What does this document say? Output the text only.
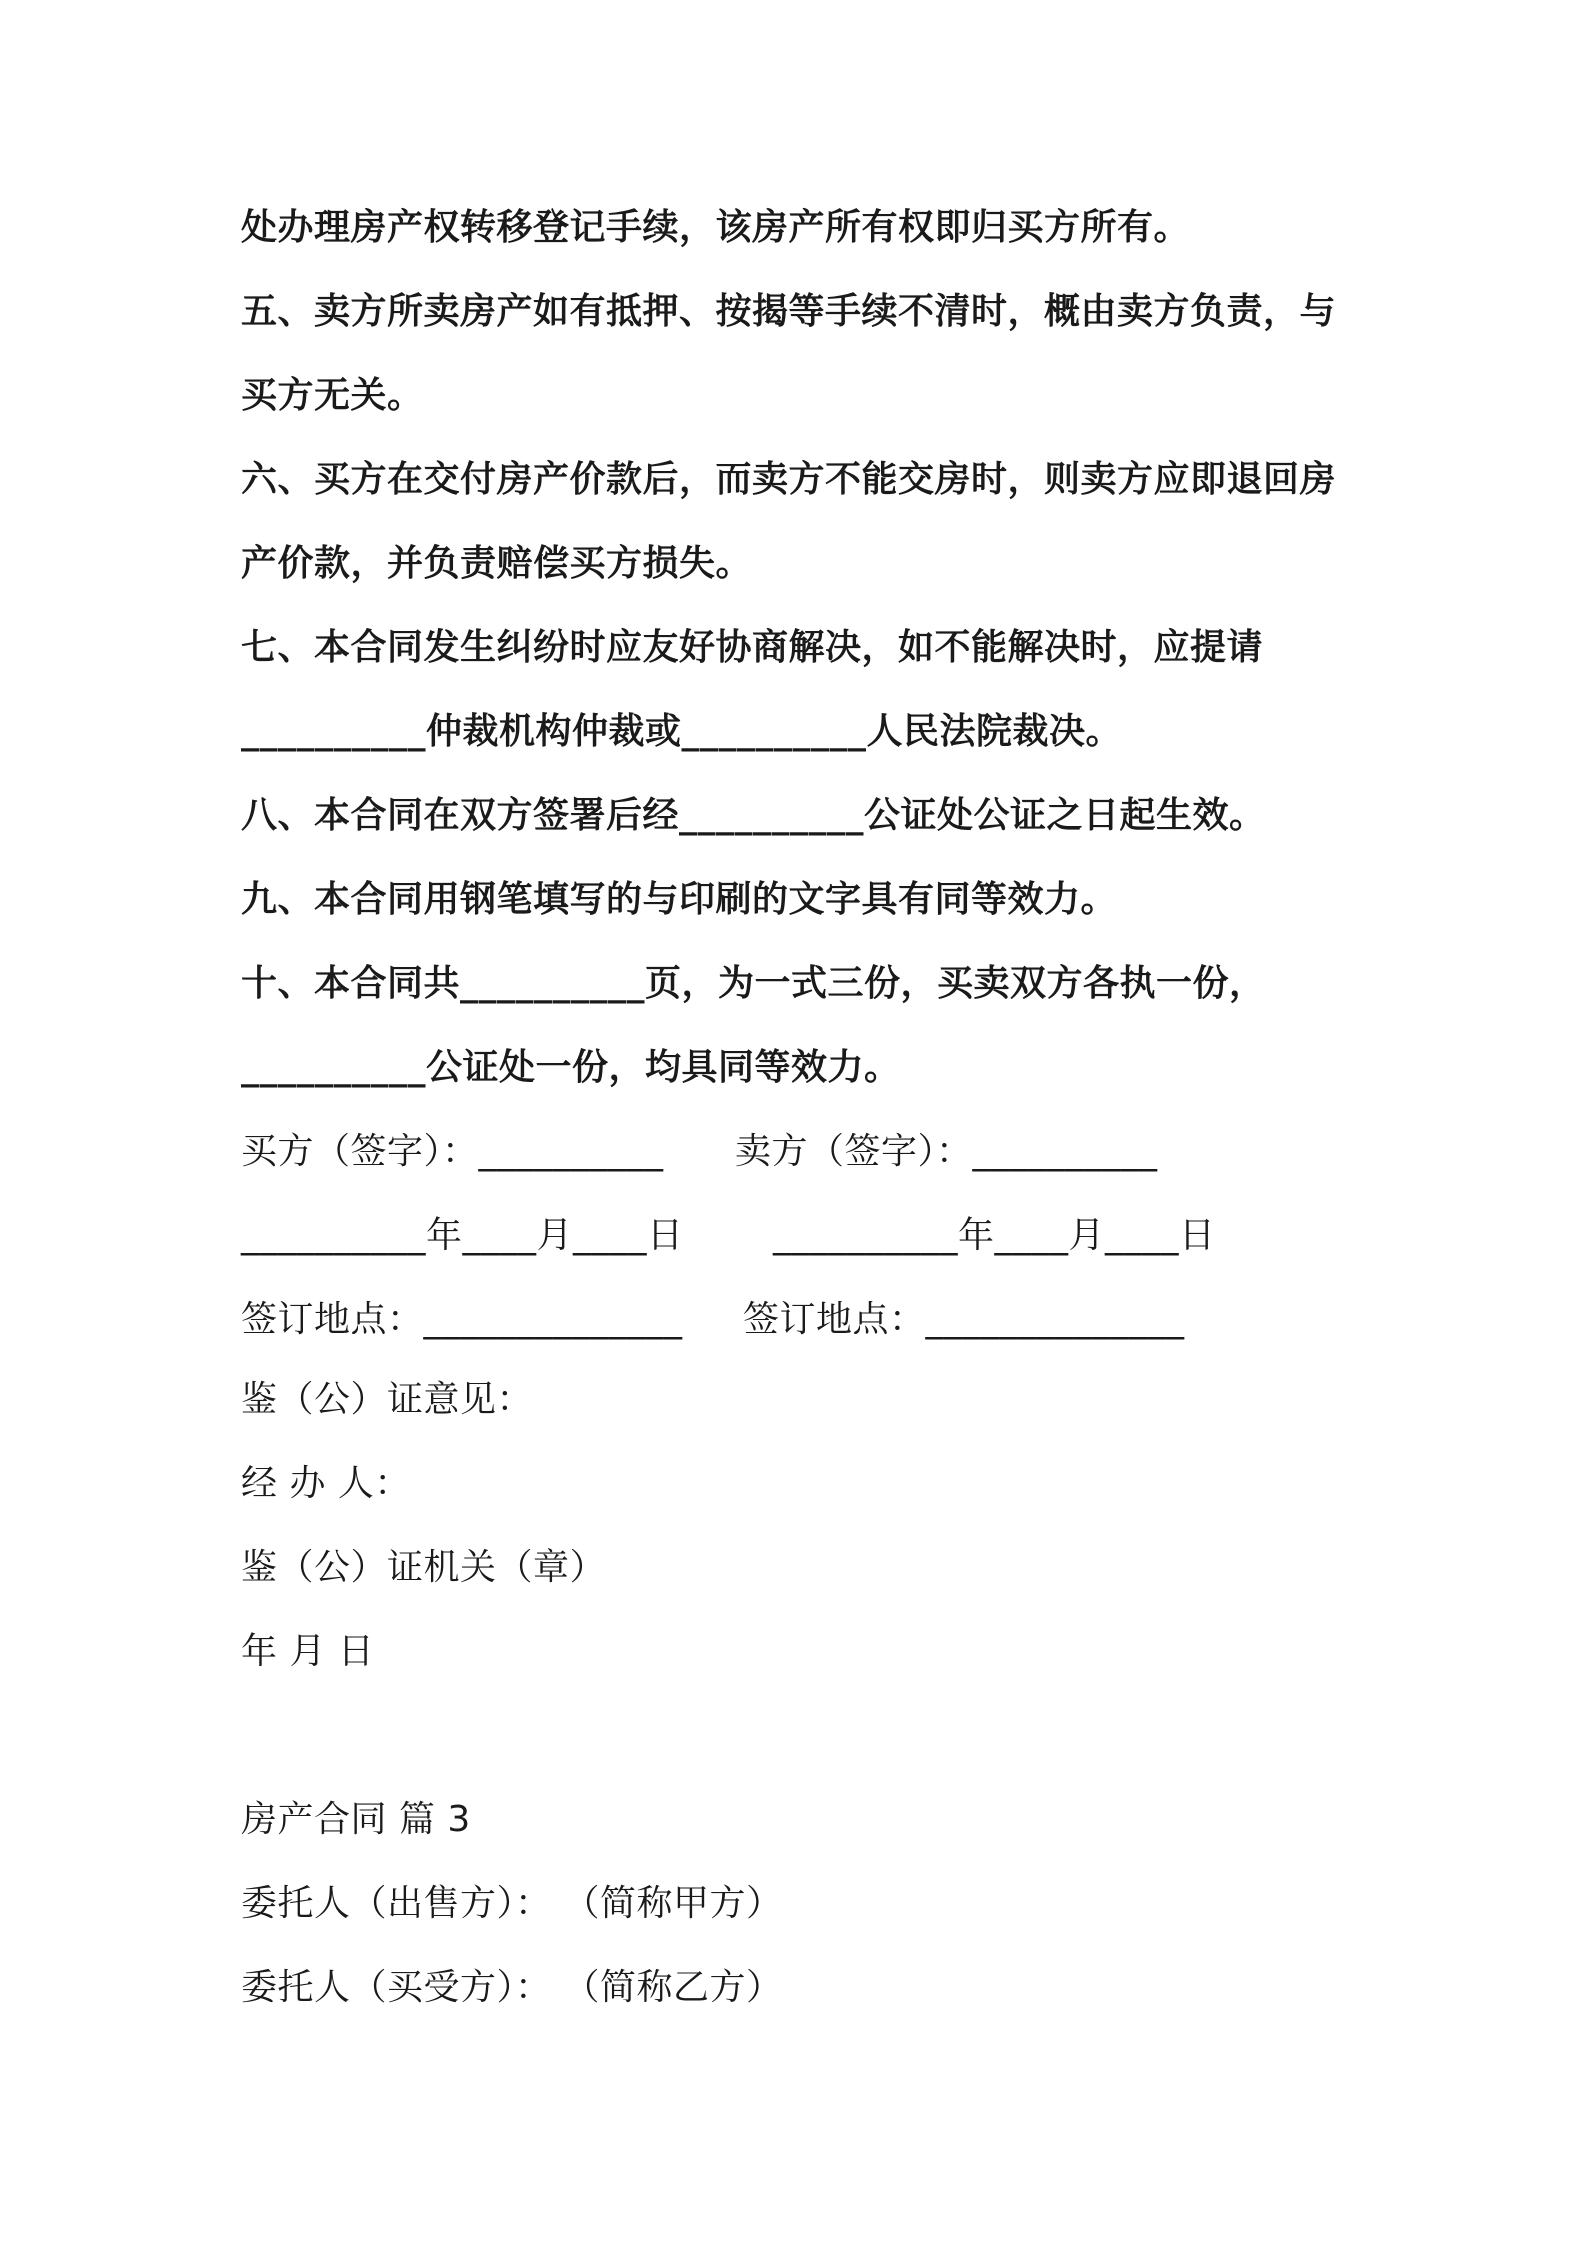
处办理房产权转移登记手续，该房产所有权即归买方所有。
五、卖方所卖房产如有抵押、按揭等手续不清时，概由卖方负责，与
买方无关。
六、买方在交付房产价款后，而卖方不能交房时，则卖方应即退回房
产价款，并负责赔偿买方损失。
七、本合同发生纠纷时应友好协商解决，如不能解决时，应提请
__________仲裁机构仲裁或__________人民法院裁决。
八、本合同在双方签署后经__________公证处公证之日起生效。
九、本合同用钢笔填写的与印刷的文字具有同等效力。
十、本合同共__________页，为一式三份，买卖双方各执一份，
__________公证处一份，均具同等效力。
买方（签字）：__________ 卖方（签字）：__________
__________年____月____日 __________年____月____日
签订地点：______________ 签订地点：______________
鉴（公）证意见：
经 办 人：
鉴（公）证机关（章）
年 月 日
房产合同 篇 3
委托人（出售方）： （简称甲方）
委托人（买受方）： （简称乙方）
